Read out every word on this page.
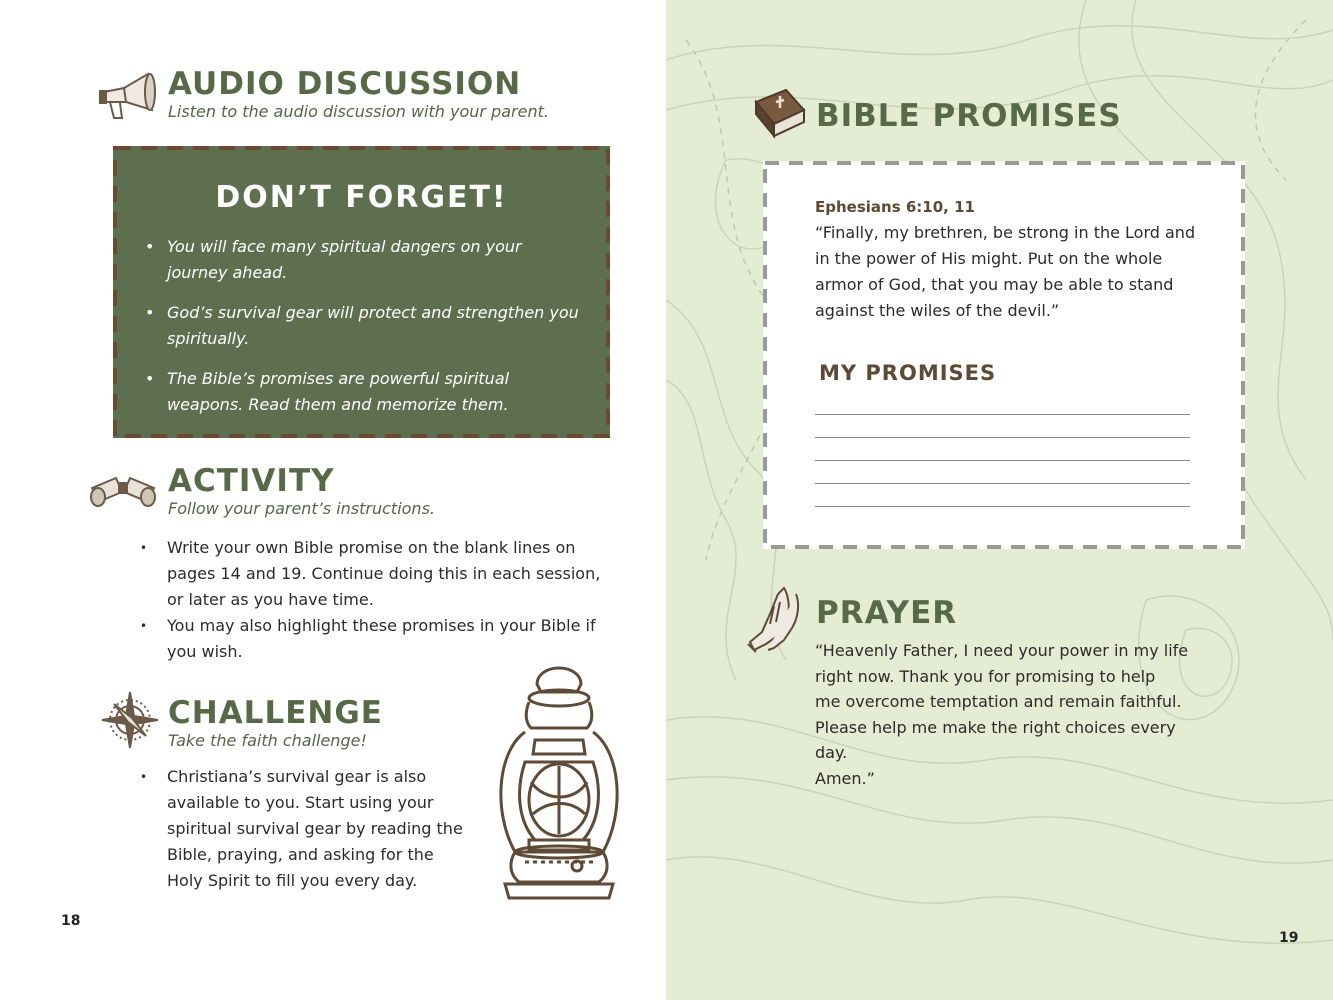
AUDIO DISCUSSION

Listen to the audio discussion with your parent.

DON’T FORGET!
• You will face many spiritual dangers on your journey ahead.
• God’s survival gear will protect and strengthen you spiritually.
• The Bible’s promises are powerful spiritual weapons. Read them and memorize them.
ACTIVITY

Follow your parent’s instructions.

• Write your own Bible promise on the blank lines on pages 14 and 19. Continue doing this in each session, or later as you have time.
• You may also highlight these promises in your Bible if you wish.
CHALLENGE

Take the faith challenge!

• Christiana’s survival gear is also available to you. Start using your spiritual survival gear by reading the Bible, praying, and asking for the Holy Spirit to fill you every day.
18
BIBLE PROMISES

Ephesians 6:10, 11

“Finally, my brethren, be strong in the Lord and in the power of His might. Put on the whole armor of God, that you may be able to stand against the wiles of the devil.”

MY PROMISES
PRAYER

“Heavenly Father, I need your power in my life
right now. Thank you for promising to help
me overcome temptation and remain faithful.
Please help me make the right choices every day.
Amen.”

19
